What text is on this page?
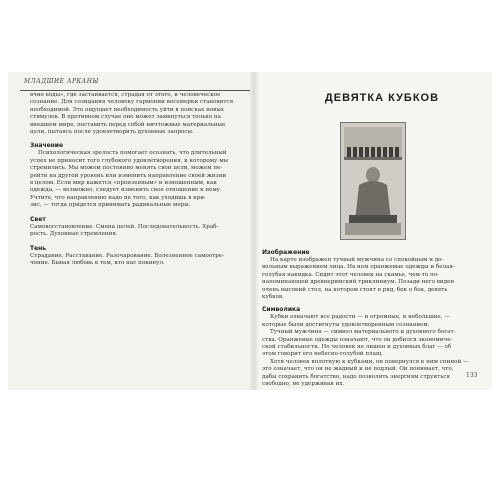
МЛАДШИЕ АРКАНЫ
вчие воды», где застаивается, страдая от этого, и человеческое
сознание. Для созидания человеку гармонии восемерки становится
необходимой. Это ощущает необходимость уйти в поисках новых
стимулов. В противном случае оно может замкнуться только на
внешнем мире, поставить перед собой ничтожные материальные
цели, пытаясь после удовлетворить духовные запросы.
Значение
Психологическая зрелость помогает осознать, что длительный
успех не приносит того глубокого удовлетворения, к которому мы
стремились. Мы можем постоянно менять свои цели, можем пе-
рейти на другой уровень или изменить направление своей жизни
в целом. Если мир кажется «пронзенным» и изношенным, как
одежда, — возможно, следует изменить свое отношение к нему.
Учтите, что направлению надо не того, как уходишь в кри-
зис, — тогда придется принимать радикальные меры.
Свет
Самовосстановление. Смена целей. Последовательность. Храб-
рость. Духовные стремления.
Тень
Страдание. Расставание. Разочарование. Болезненное самоотре-
чение. Бывая любовь к тем, кто нас покинул.
ДЕВЯТКА КУБКОВ
Изображение
На карте изображен тучный мужчина со спокойным и до-
вольным выражением лица. На нем оранжевые одежды и белая-
голубая накидка. Сидит этот человек на скамье, чем-то по-
напоминающей древнеримский триклиниум. Позади него виден
очень высокий стол, на котором стоят в ряд, бок о бок, девять
кубков.
Символика
Кубки означают все радости — и огромные, и небольшие, —
которые были достигнуты удовлетворенным сознанием.
Тучный мужчина — символ материального и духовного богат-
ства. Оранжевые одежды означают, что он добился экономиче-
ской стабильности. Но человек не лишен и духовных благ — об
этом говорит его небесно-голубой плащ.
Хотя человек вплотную к кубками, он повернулся к ним спиной —
это означает, что он не жадный и не подлый. Он понимает, что,
дабы сохранить богатство, надо позволить энергиям струиться
свободно, не удерживая их.
133
